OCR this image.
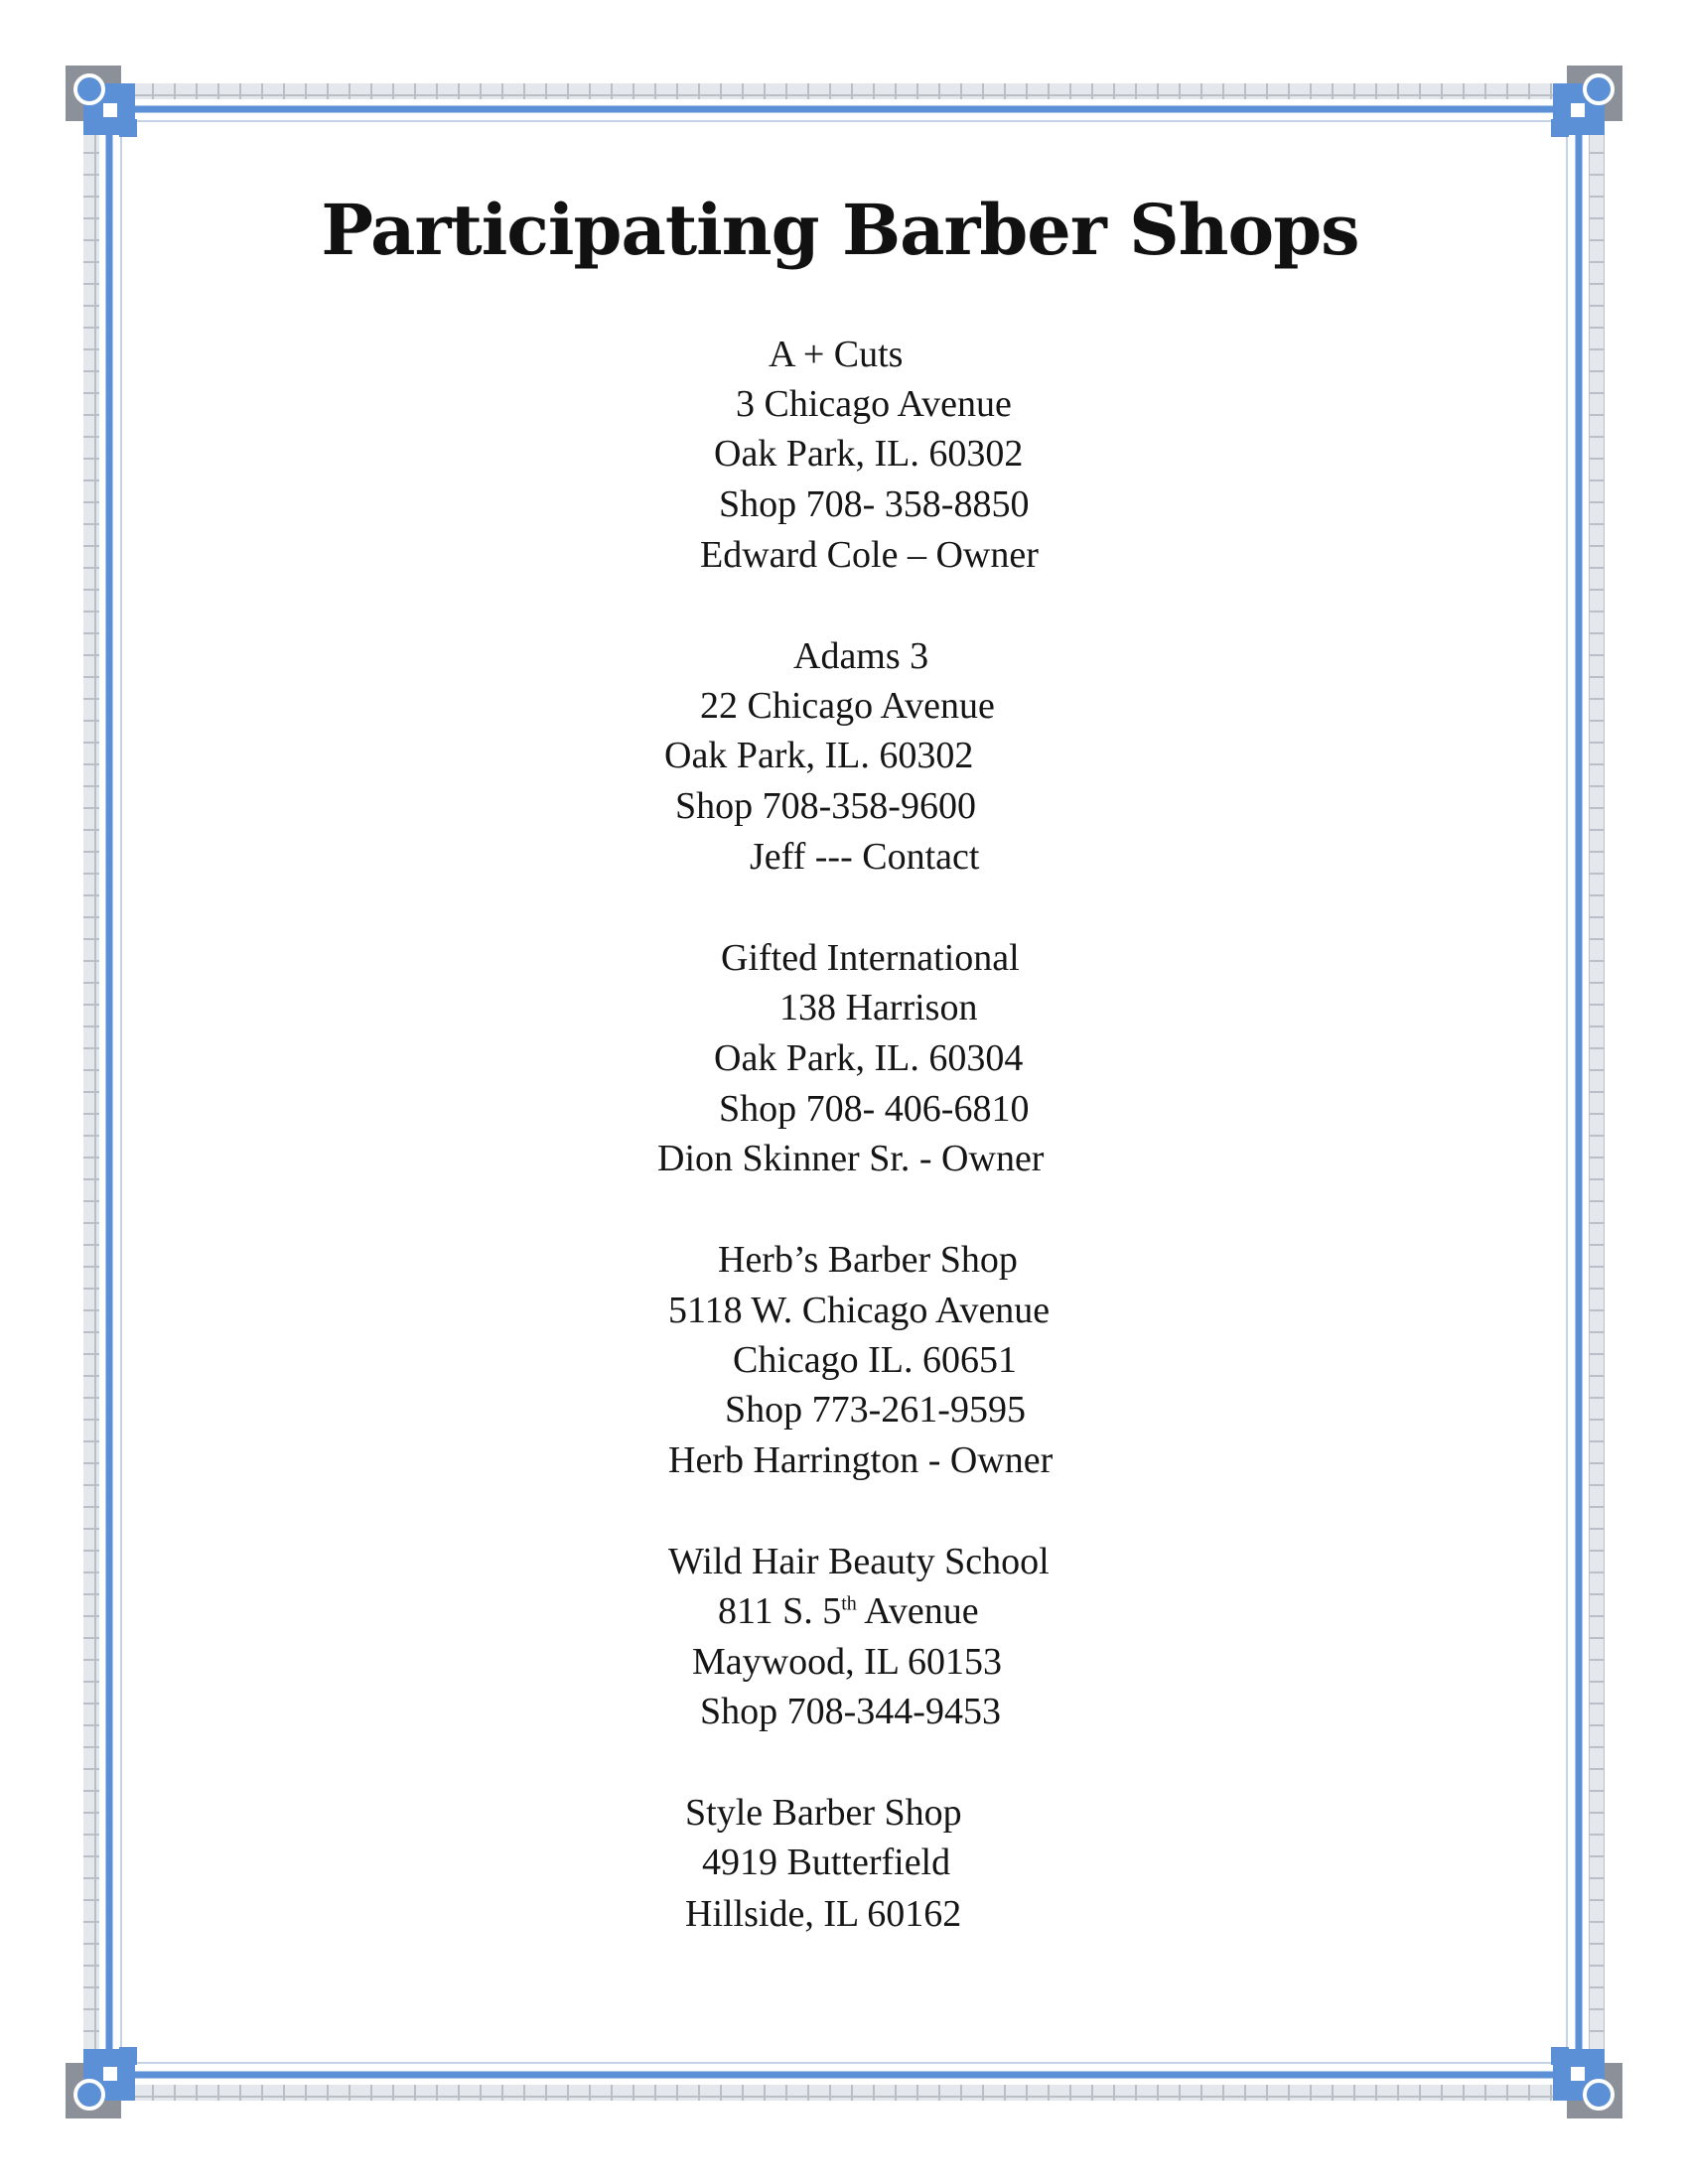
Participating Barber Shops
A + Cuts
3 Chicago Avenue
Oak Park, IL. 60302
Shop 708- 358-8850
Edward Cole – Owner
Adams 3
22 Chicago Avenue
Oak Park, IL. 60302
Shop 708-358-9600
Jeff --- Contact
Gifted International
138 Harrison
Oak Park, IL. 60304
Shop 708- 406-6810
Dion Skinner Sr. - Owner
Herb’s Barber Shop
5118 W. Chicago Avenue
Chicago IL. 60651
Shop 773-261-9595
Herb Harrington - Owner
Wild Hair Beauty School
811 S. 5th Avenue
Maywood, IL 60153
Shop 708-344-9453
Style Barber Shop
4919 Butterfield
Hillside, IL 60162
